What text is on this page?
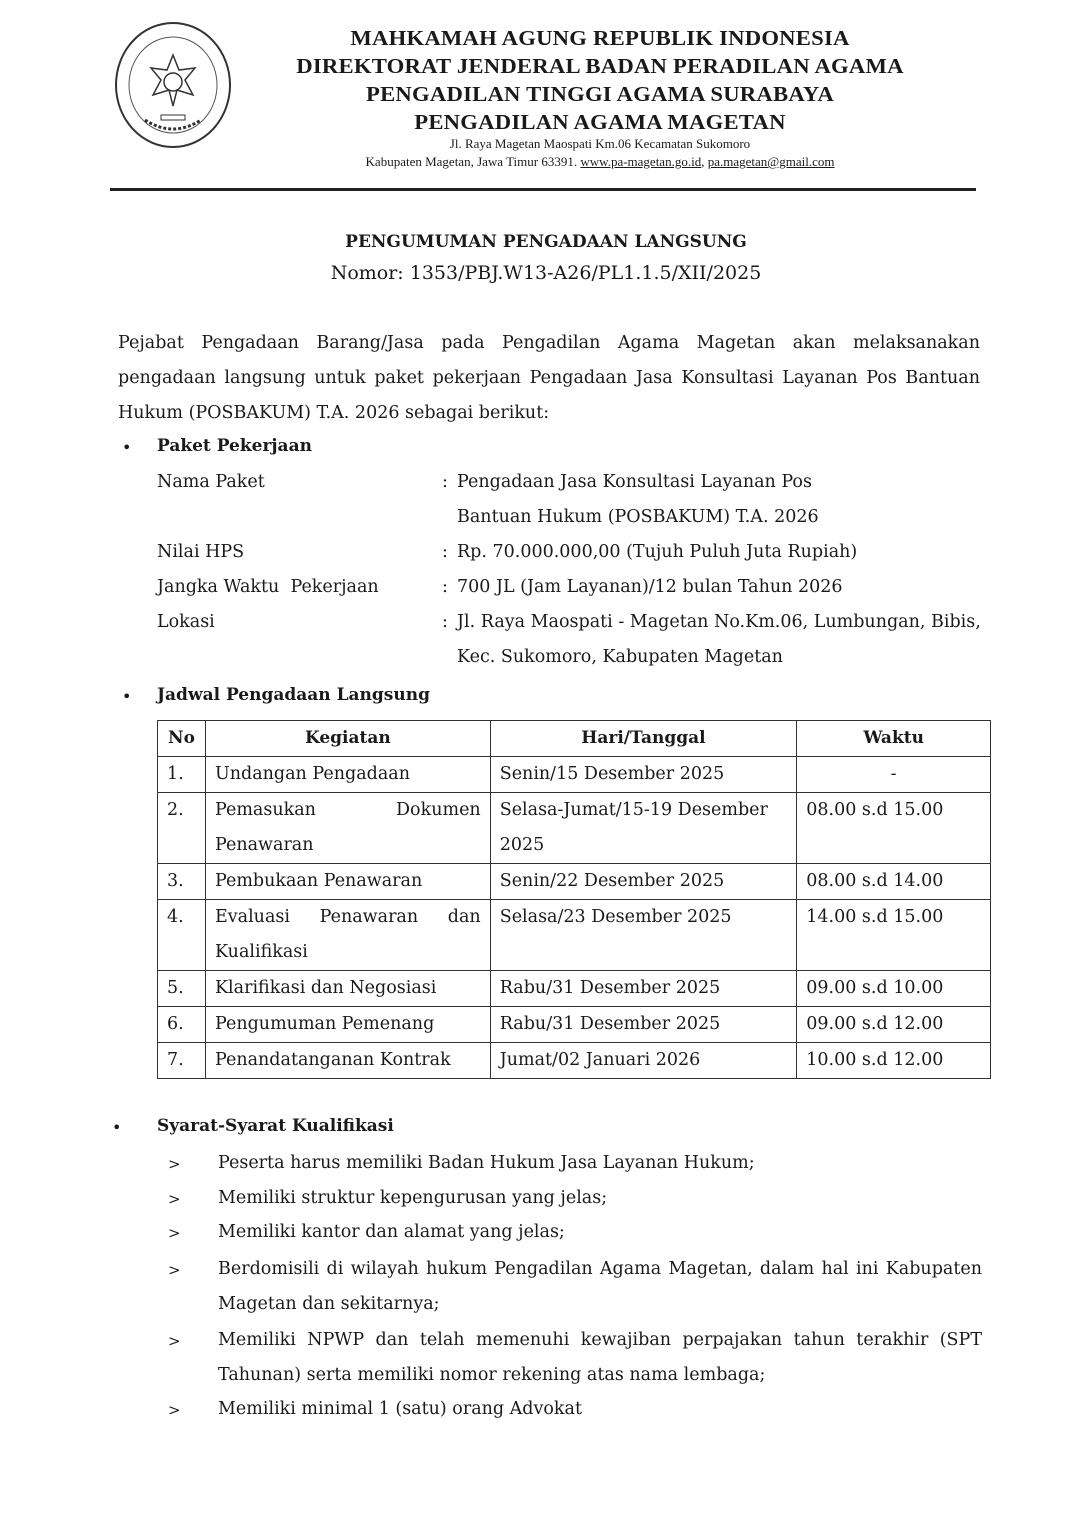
MAHKAMAH AGUNG REPUBLIK INDONESIA
DIREKTORAT JENDERAL BADAN PERADILAN AGAMA
PENGADILAN TINGGI AGAMA SURABAYA
PENGADILAN AGAMA MAGETAN
Jl. Raya Magetan Maospati Km.06 Kecamatan Sukomoro
Kabupaten Magetan, Jawa Timur 63391. www.pa-magetan.go.id, pa.magetan@gmail.com
PENGUMUMAN PENGADAAN LANGSUNG
Nomor: 1353/PBJ.W13-A26/PL1.1.5/XII/2025
Pejabat Pengadaan Barang/Jasa pada Pengadilan Agama Magetan akan melaksanakan pengadaan langsung untuk paket pekerjaan Pengadaan Jasa Konsultasi Layanan Pos Bantuan Hukum (POSBAKUM) T.A. 2026 sebagai berikut:
• Paket Pekerjaan
Nama Paket	: Pengadaan Jasa Konsultasi Layanan Pos Bantuan Hukum (POSBAKUM) T.A. 2026
Nilai HPS	: Rp. 70.000.000,00 (Tujuh Puluh Juta Rupiah)
Jangka Waktu  Pekerjaan	: 700 JL (Jam Layanan)/12 bulan Tahun 2026
Lokasi	: Jl. Raya Maospati - Magetan No.Km.06, Lumbungan, Bibis, Kec. Sukomoro, Kabupaten Magetan
• Jadwal Pengadaan Langsung
No	Kegiatan	Hari/Tanggal	Waktu
1.	Undangan Pengadaan	Senin/15 Desember 2025	-
2.	Pemasukan Dokumen Penawaran	Selasa-Jumat/15-19 Desember 2025	08.00 s.d 15.00
3.	Pembukaan Penawaran	Senin/22 Desember 2025	08.00 s.d 14.00
4.	Evaluasi Penawaran dan Kualifikasi	Selasa/23 Desember 2025	14.00 s.d 15.00
5.	Klarifikasi dan Negosiasi	Rabu/31 Desember 2025	09.00 s.d 10.00
6.	Pengumuman Pemenang	Rabu/31 Desember 2025	09.00 s.d 12.00
7.	Penandatanganan Kontrak	Jumat/02 Januari 2026	10.00 s.d 12.00
• Syarat-Syarat Kualifikasi
> Peserta harus memiliki Badan Hukum Jasa Layanan Hukum;
> Memiliki struktur kepengurusan yang jelas;
> Memiliki kantor dan alamat yang jelas;
> Berdomisili di wilayah hukum Pengadilan Agama Magetan, dalam hal ini Kabupaten Magetan dan sekitarnya;
> Memiliki NPWP dan telah memenuhi kewajiban perpajakan tahun terakhir (SPT Tahunan) serta memiliki nomor rekening atas nama lembaga;
> Memiliki minimal 1 (satu) orang Advokat
